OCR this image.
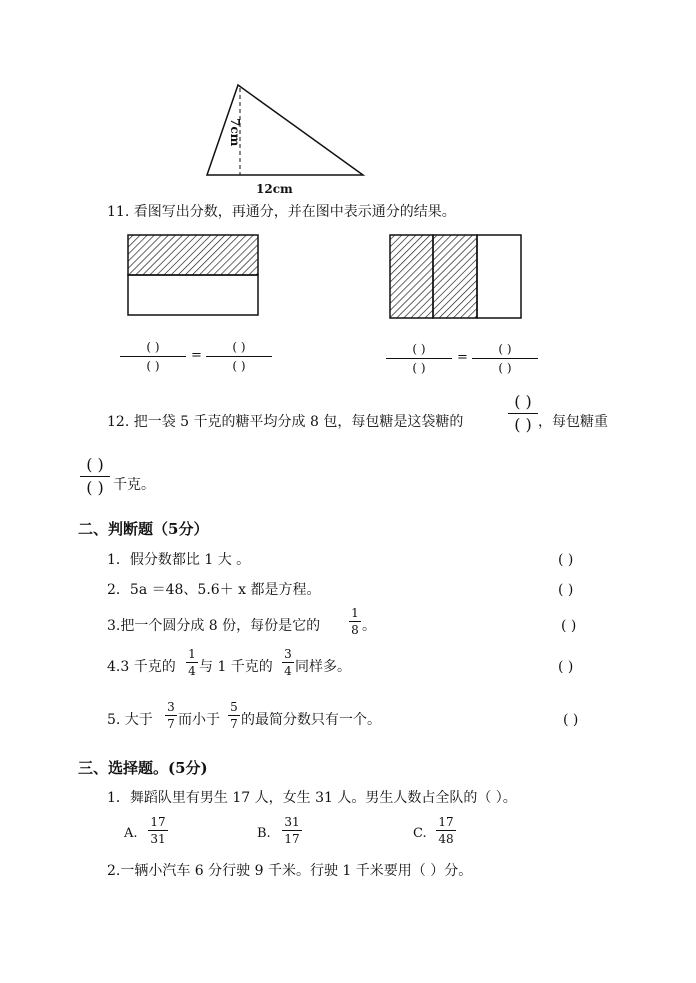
7cm
12cm
11. 看图写出分数，再通分，并在图中表示通分的结果。
( )
( )
=
( )
( )
( )
( )
=
( )
( )
12. 把一袋 5 千克的糖平均分成 8 包，每包糖是这袋糖的
( )
( ) ，每包糖重
( )
( ) 千克。
二、判断题（5分）
1．假分数都比 1 大 。	( )
2．5a ＝48、5.6＋ x 都是方程。	( )
3.把一个圆分成 8 份，每份是它的
1
8 。	( )
4.3 千克的
1
4 与 1 千克的
3
4 同样多。	( )
5. 大于
3
7 而小于
5
7 的最简分数只有一个。	( )
三、选择题。(5分)
1．舞蹈队里有男生 17 人，女生 31 人。男生人数占全队的（ ）。
A.
17
31	B.
31
17	C.
17
48
2.一辆小汽车 6 分行驶 9 千米。行驶 1 千米要用（ ）分。
